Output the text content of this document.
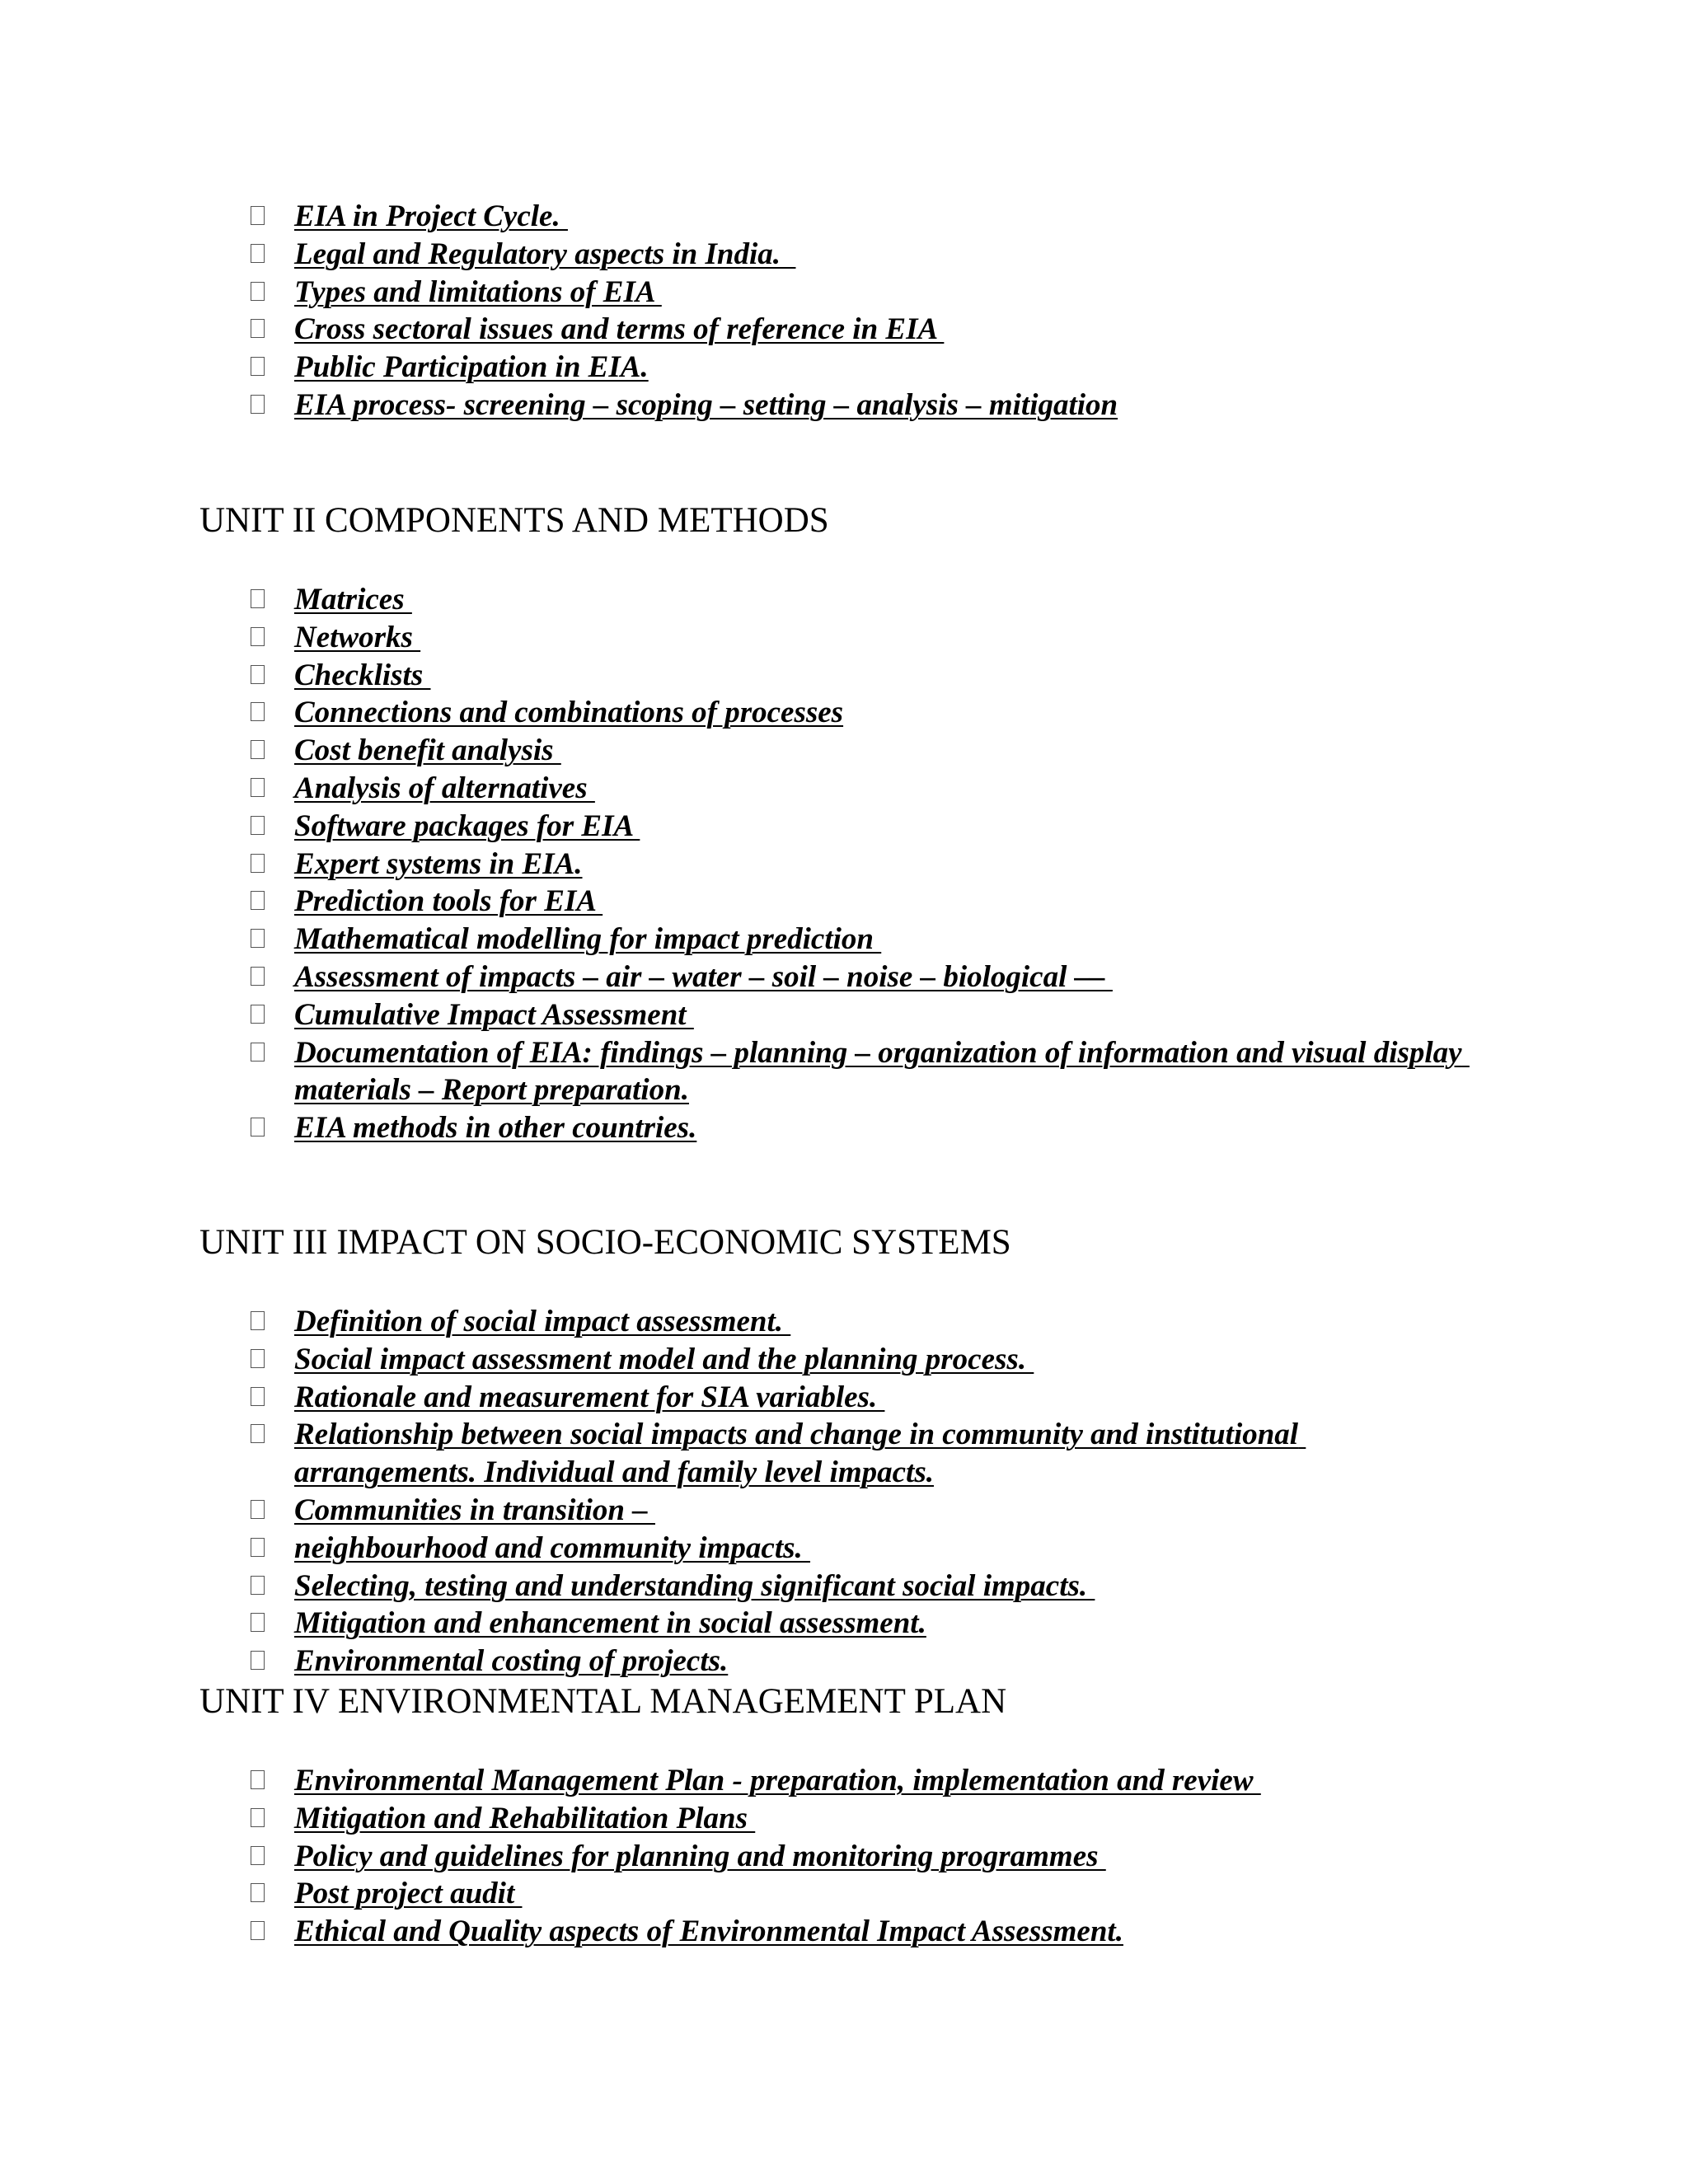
EIA in Project Cycle.
Legal and Regulatory aspects in India.
Types and limitations of EIA
Cross sectoral issues and terms of reference in EIA
Public Participation in EIA.
EIA process- screening – scoping – setting – analysis – mitigation
UNIT II COMPONENTS AND METHODS
Matrices
Networks
Checklists
Connections and combinations of processes
Cost benefit analysis
Analysis of alternatives
Software packages for EIA
Expert systems in EIA.
Prediction tools for EIA
Mathematical modelling for impact prediction
Assessment of impacts – air – water – soil – noise – biological ––
Cumulative Impact Assessment
Documentation of EIA: findings – planning – organization of information and visual display materials – Report preparation.
EIA methods in other countries.
UNIT III IMPACT ON SOCIO-ECONOMIC SYSTEMS
Definition of social impact assessment.
Social impact assessment model and the planning process.
Rationale and measurement for SIA variables.
Relationship between social impacts and change in community and institutional arrangements. Individual and family level impacts.
Communities in transition –
neighbourhood and community impacts.
Selecting, testing and understanding significant social impacts.
Mitigation and enhancement in social assessment.
Environmental costing of projects.
UNIT IV ENVIRONMENTAL MANAGEMENT PLAN
Environmental Management Plan - preparation, implementation and review
Mitigation and Rehabilitation Plans
Policy and guidelines for planning and monitoring programmes
Post project audit
Ethical and Quality aspects of Environmental Impact Assessment.
